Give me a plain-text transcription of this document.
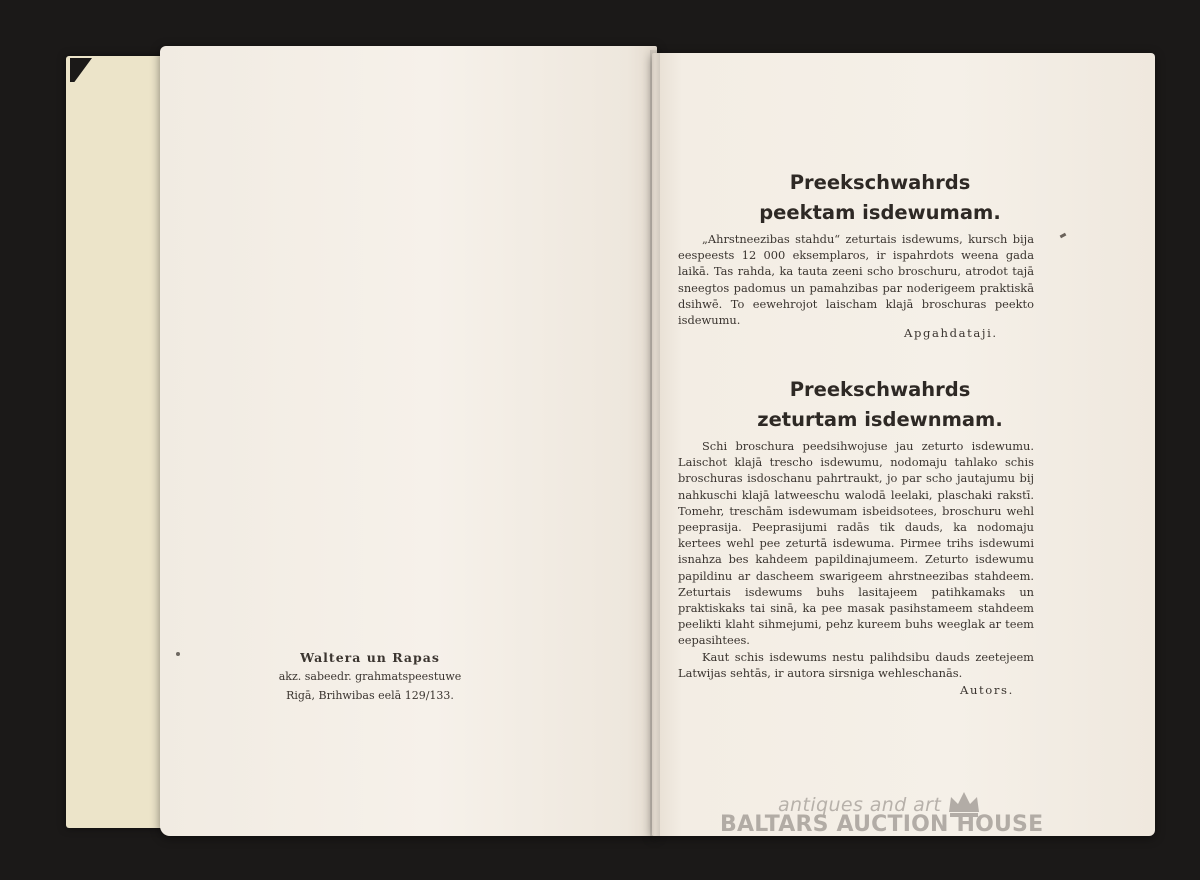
Waltera un Rapas
akz. sabeedr. grahmatspeestuwe
Rigā, Brihwibas eelā 129/133.
Preekschwahrds
peektam isdewumam.

„Ahrstneezibas stahdu“ zeturtais isdewums, kursch bija eespeests 12 000 eksemplaros, ir ispahrdots weena gada laikā. Tas rahda, ka tauta zeeni scho broschuru, atrodot tajā sneegtos padomus un pamahzibas par noderigeem praktiskā dsihwē. To eewehrojot laischam klajā broschuras peekto isdewumu.

Apgahdataji.
Preekschwahrds
zeturtam isdewnmam.

Schi broschura peedsihwojuse jau zeturto isdewumu. Laischot klajā trescho isdewumu, nodomaju tahlako schis broschuras isdoschanu pahrtraukt, jo par scho jautajumu bij nahkuschi klajā latweeschu walodā leelaki, plaschaki rakstī. Tomehr, treschām isdewumam isbeidsotees, broschuru wehl peeprasija. Peeprasijumi radās tik dauds, ka nodomaju kertees wehl pee zeturtā isdewuma. Pirmee trihs isdewumi isnahza bes kahdeem papildinajumeem. Zeturto isdewumu papildinu ar dascheem swarigeem ahrstneezibas stahdeem. Zeturtais isdewums buhs lasitajeem patihkamaks un praktiskaks tai sinā, ka pee masak pasihstameem stahdeem peelikti klaht sihmejumi, pehz kureem buhs weeglak ar teem eepasihtees.

Kaut schis isdewums nestu palihdsibu dauds zeetejeem Latwijas sehtās, ir autora sirsniga wehleschanās.

Autors.
antiques and art
BALTARS AUCTION HOUSE
